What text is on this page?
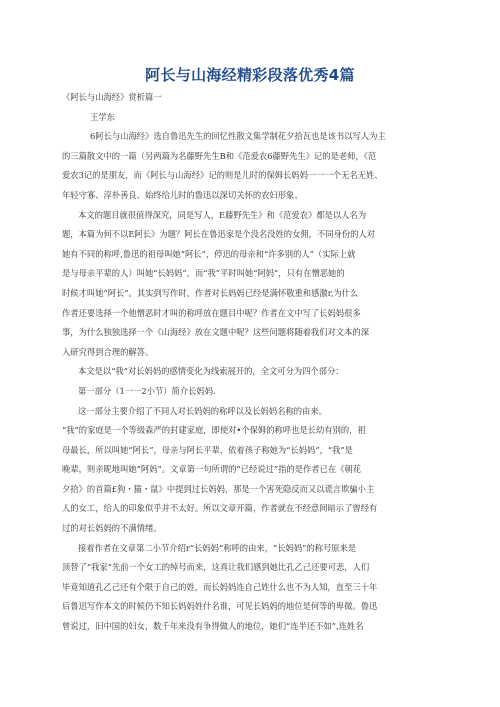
阿长与山海经精彩段落优秀4篇
《阿长与山海经》赏析篇一
王学东
6阿长与山海经》选自鲁迅先生的回忆性散文集学制花夕拾瓦也是该书以写人为主
的三篇散文中的一篇（另两篇为名藤野先生B和《范爱农6藤野先生》记的是老师，《范
爱农3记的是朋友，而《阿长与山海经》记的则是儿时的保姆长妈妈一一一个无名无姓、
年轻守寡、淳朴善良、始终给儿时的鲁迅以深切关怀的农妇形象。
本文的题目就很值得深究，同是写人，E藤野先生》和《范爱农》都是以人名为
题，本篇为何不以E阿长》为题？阿长在鲁迅家是个没名没姓的女佣，不同身份的人对
她有不同的称呼,鲁迅的祖母叫她“阿长”，停迅的母亲和“许多别的人”（实际上就
是与母亲平辈的人）叫她“长妈妈”，而“我”平时叫她“阿妈”，只有在憎恶她的
时候才叫她“阿长”。其实到写作时，作者对长妈妈已经是满怀敬重和感激r,为什么
作者还要选择一个他憎恶时才叫的称呼放在题目中呢？作者在文中写了长妈妈很多
事，为什么独独选择一个《山海经》放在文题中呢？这些问题将随着我们对文本的深
入研究得到合理的解答。
本文是以“我”对长妈妈的感情变化为线索展开的，全文可分为四个部分：
第一部分（1一一2小节）简介长妈妈.
这一部分主要介绍了不同人对长妈妈的称呼以及长妈妈名称的由来。
“我”的家庭是一个等级森严的封建家庭，即使对•个保姆的称呼也是长幼有别的，祖
母最长，所以叫她“阿长”，母亲与阿长平辈，依着孩子称她为“长妈妈”，“我”是
晚辈，则亲昵地叫她“阿妈”。文章第一句所谓的“已经说过”指的是作者已在《朝花
夕拾》的首篇£狗・猫・鼠》中提到过长妈妈，那是一个害死隐反而又以谎言欺骗小主
人的女工，给人的印象似乎并不太好。所以文章开篇，作者就在不经意间暗示了曾经有
过的对长妈妈的不满情绪。
接着作者在文章第二小节介绍r“长妈妈”称呼的由来，“长妈妈”的称号原来是
顶替了“我家”先前一个女工的绰号而来，这真让我们感到她比孔乙己还要可悲，人们
毕竟知道孔乙己还有个限于自己的姓，而长妈妈连自己姓什么也不为人知，直至三十年
后鲁迅写作本文的时候仍不知长妈妈姓什名谁，可见长妈妈的地位是何等的卑微。鲁迅
曾说过，旧中国的妇女，数千年来没有争得做人的地位，她们“连半还不如”,连姓名
